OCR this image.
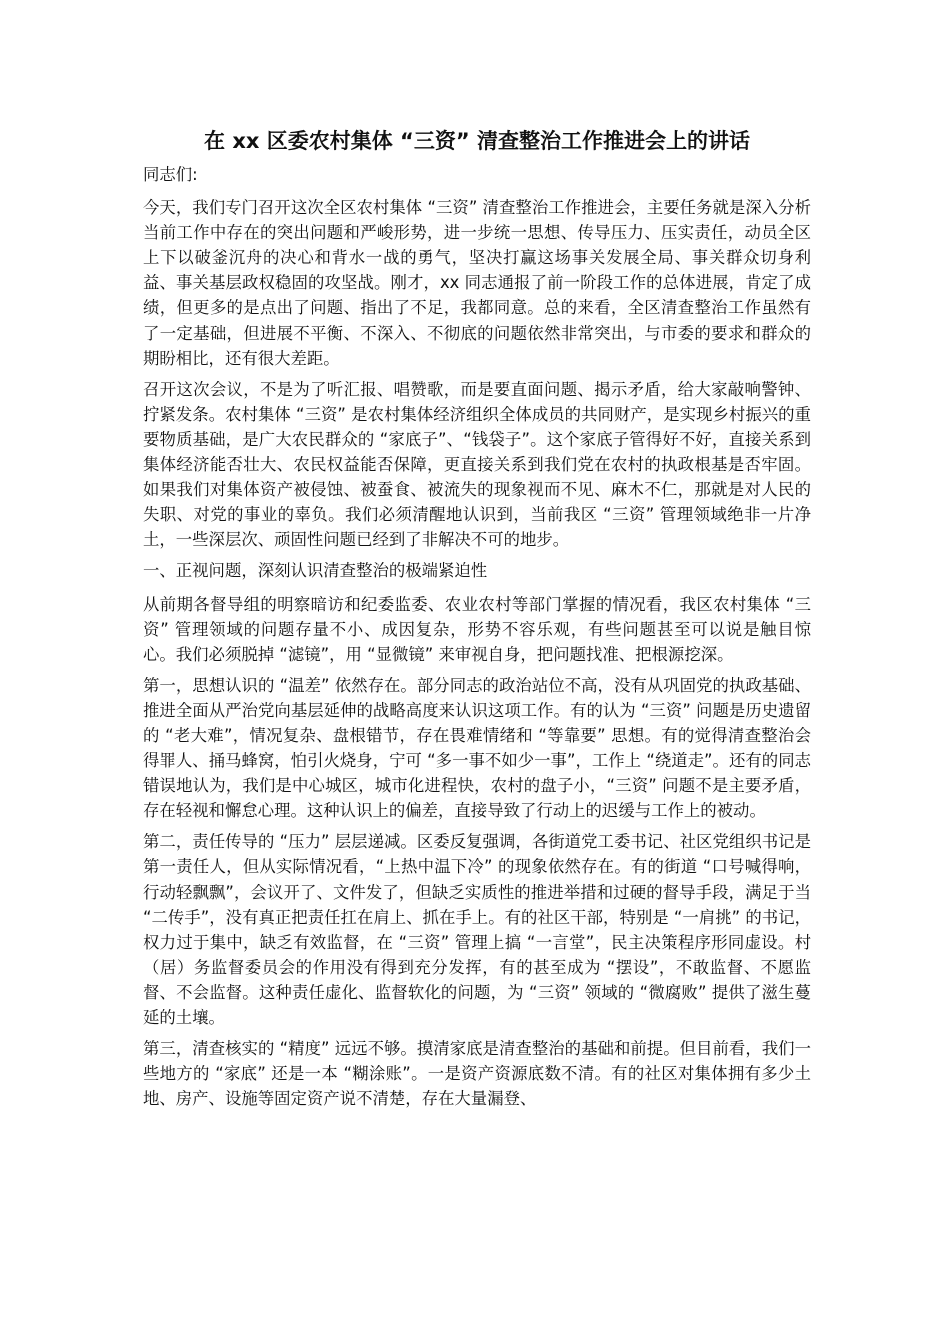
在 xx 区委农村集体 “三资” 清查整治工作推进会上的讲话
同志们:
今天，我们专门召开这次全区农村集体 “三资” 清查整治工作推进会，主要任务就是深入分析当前工作中存在的突出问题和严峻形势，进一步统一思想、传导压力、压实责任，动员全区上下以破釜沉舟的决心和背水一战的勇气，坚决打赢这场事关发展全局、事关群众切身利益、事关基层政权稳固的攻坚战。刚才，xx 同志通报了前一阶段工作的总体进展，肯定了成绩，但更多的是点出了问题、指出了不足，我都同意。总的来看，全区清查整治工作虽然有了一定基础，但进展不平衡、不深入、不彻底的问题依然非常突出，与市委的要求和群众的期盼相比，还有很大差距。
召开这次会议，不是为了听汇报、唱赞歌，而是要直面问题、揭示矛盾，给大家敲响警钟、拧紧发条。农村集体 “三资” 是农村集体经济组织全体成员的共同财产，是实现乡村振兴的重要物质基础，是广大农民群众的 “家底子”、“钱袋子”。这个家底子管得好不好，直接关系到集体经济能否壮大、农民权益能否保障，更直接关系到我们党在农村的执政根基是否牢固。如果我们对集体资产被侵蚀、被蚕食、被流失的现象视而不见、麻木不仁，那就是对人民的失职、对党的事业的辜负。我们必须清醒地认识到，当前我区 “三资” 管理领域绝非一片净土，一些深层次、顽固性问题已经到了非解决不可的地步。
一、正视问题，深刻认识清查整治的极端紧迫性
从前期各督导组的明察暗访和纪委监委、农业农村等部门掌握的情况看，我区农村集体 “三资” 管理领域的问题存量不小、成因复杂，形势不容乐观，有些问题甚至可以说是触目惊心。我们必须脱掉 “滤镜”，用 “显微镜” 来审视自身，把问题找准、把根源挖深。
第一，思想认识的 “温差” 依然存在。部分同志的政治站位不高，没有从巩固党的执政基础、推进全面从严治党向基层延伸的战略高度来认识这项工作。有的认为 “三资” 问题是历史遗留的 “老大难”，情况复杂、盘根错节，存在畏难情绪和 “等靠要” 思想。有的觉得清查整治会得罪人、捅马蜂窝，怕引火烧身，宁可 “多一事不如少一事”，工作上 “绕道走”。还有的同志错误地认为，我们是中心城区，城市化进程快，农村的盘子小，“三资” 问题不是主要矛盾，存在轻视和懈怠心理。这种认识上的偏差，直接导致了行动上的迟缓与工作上的被动。
第二，责任传导的 “压力” 层层递减。区委反复强调，各街道党工委书记、社区党组织书记是第一责任人，但从实际情况看，“上热中温下冷” 的现象依然存在。有的街道 “口号喊得响，行动轻飘飘”，会议开了、文件发了，但缺乏实质性的推进举措和过硬的督导手段，满足于当 “二传手”，没有真正把责任扛在肩上、抓在手上。有的社区干部，特别是 “一肩挑” 的书记，权力过于集中，缺乏有效监督，在 “三资” 管理上搞 “一言堂”，民主决策程序形同虚设。村（居）务监督委员会的作用没有得到充分发挥，有的甚至成为 “摆设”，不敢监督、不愿监督、不会监督。这种责任虚化、监督软化的问题，为 “三资” 领域的 “微腐败” 提供了滋生蔓延的土壤。
第三，清查核实的 “精度” 远远不够。摸清家底是清查整治的基础和前提。但目前看，我们一些地方的 “家底” 还是一本 “糊涂账”。一是资产资源底数不清。有的社区对集体拥有多少土地、房产、设施等固定资产说不清楚，存在大量漏登、
